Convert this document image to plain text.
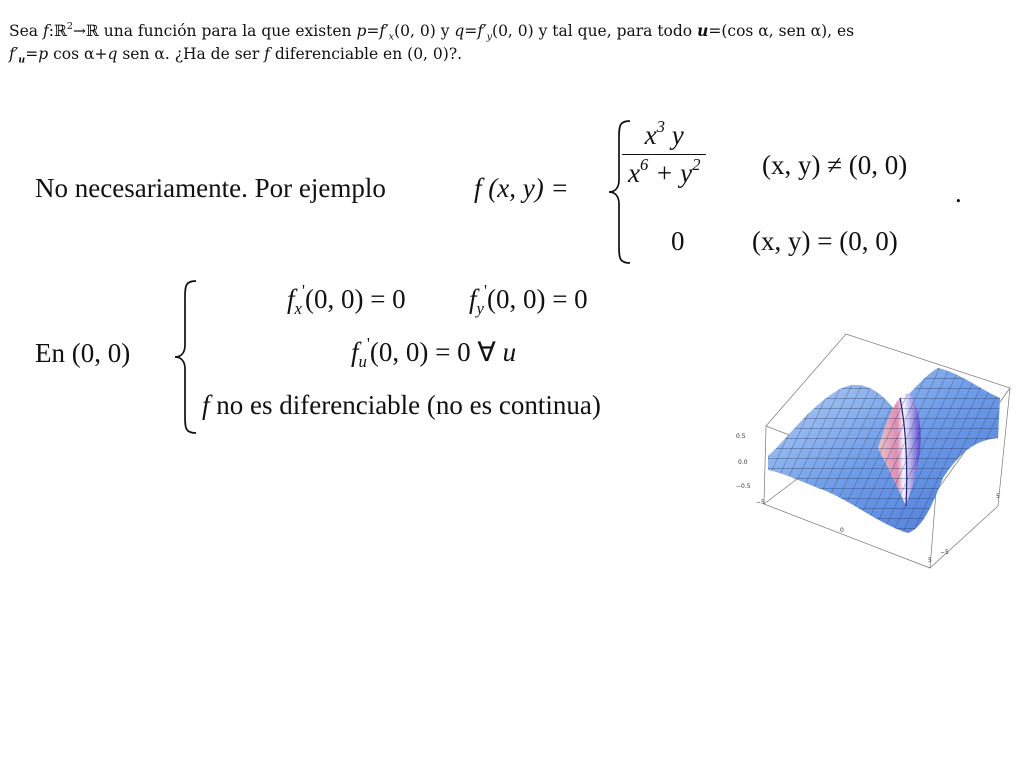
Sea f:ℝ$^2$→ℝ una función para la que existen $p=f'_x(0$, 0) y $q=f'_y(0$, 0) y tal que, para todo u=(cos α, sen α), es
$f'_u=p$ cos α+q sen α. ¿Ha de ser f diferenciable en (0, 0)?.
No necesariamente. Por ejemplo	f (x, $y) = \frac{x^3 y}{x^6 + y^2} (x$, y) ≠ (0, 0)
.
0	(x, y) = (0, 0)
En (0, 0)
$f_x'(0$, 0) = 0 $f_y'(0$, 0) = 0
$f_u'(0$, 0) = 0 ∀ u
f no es diferenciable (no es continua)
0.5
0.0
−0.5
−5
0
5
−5
5
